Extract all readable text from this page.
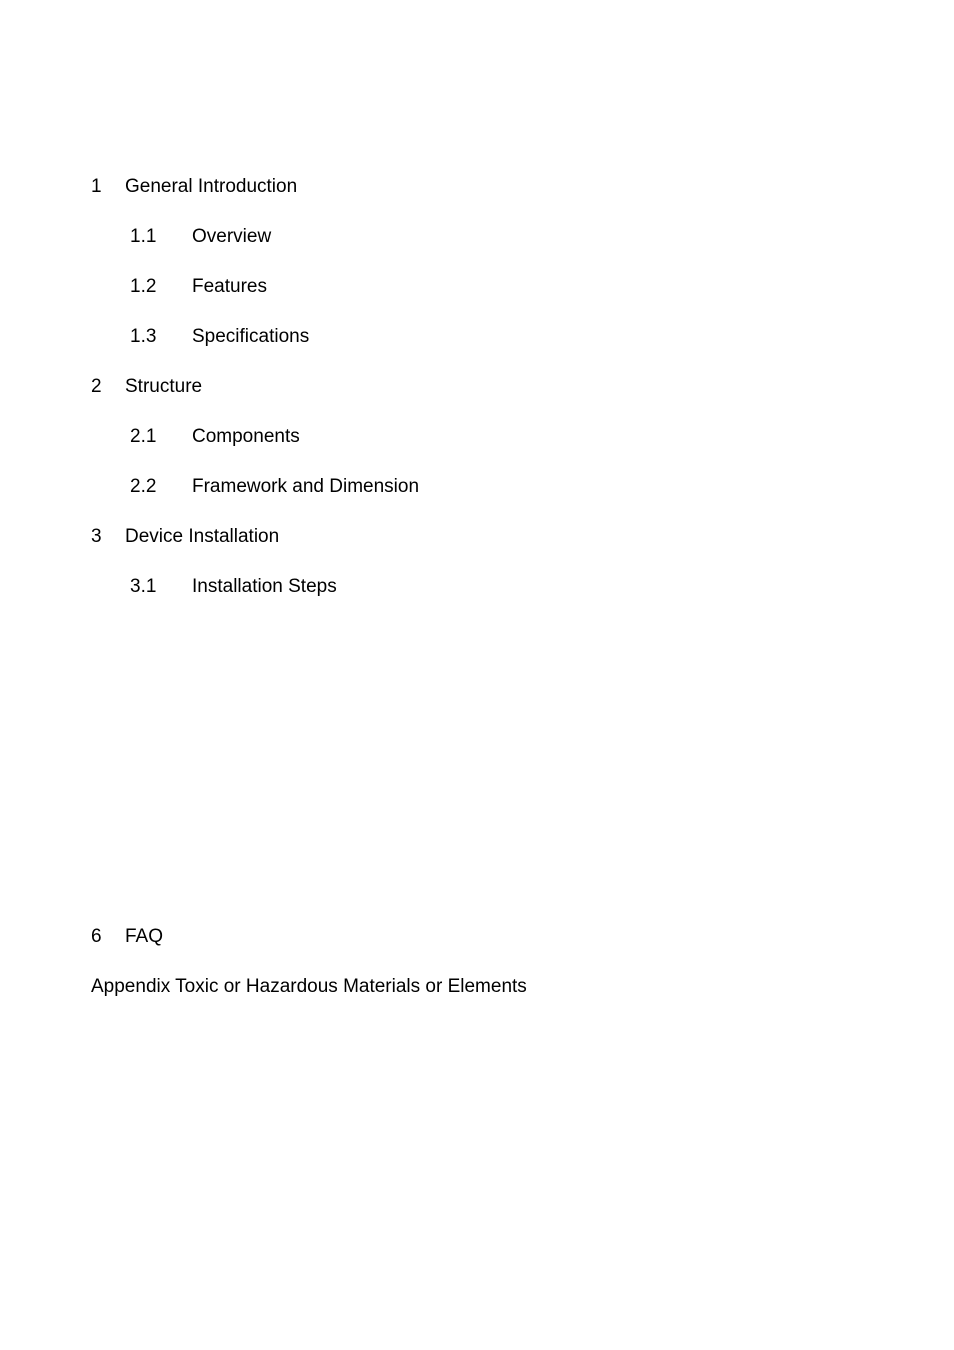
1 General Introduction
1.1 Overview
1.2 Features
1.3 Specifications
2 Structure
2.1 Components
2.2 Framework and Dimension
3 Device Installation
3.1 Installation Steps
6 FAQ
Appendix Toxic or Hazardous Materials or Elements
